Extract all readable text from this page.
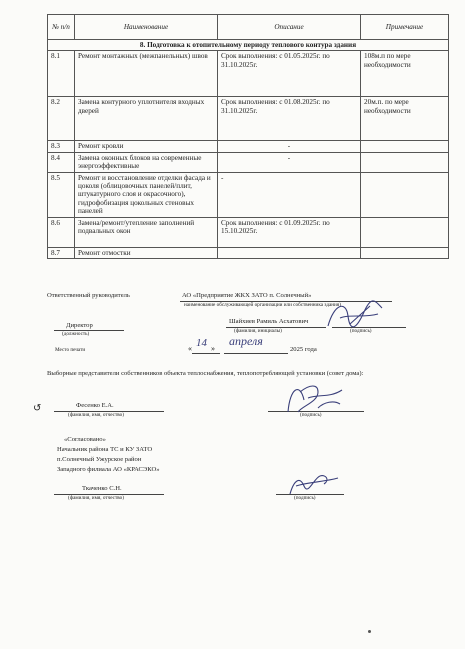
№ п/п	Наименование	Описание	Примечание
8. Подготовка к отопительному периоду теплового контура здания			
8.1	Ремонт монтажных (межпанельных) швов	Срок выполнения: с 01.05.2025г. по 31.10.2025г.	108м.п по мере необходимости
8.2	Замена контурного уплотнителя входных дверей	Срок выполнения: с 01.08.2025г. по 31.10.2025г.	20м.п. по мере необходимости
8.3	Ремонт кровли	-	
8.4	Замена оконных блоков на современные энергоэффективные	-	
8.5	Ремонт и восстановление отделки фасада и цоколя (облицовочных панелей/плит, штукатурного слоя и окрасочного), гидрофобизация цокольных стеновых панелей	-	
8.6	Замена/ремонт/утепление заполнений подвальных окон	Срок выполнения: с 01.09.2025г. по 15.10.2025г.	
8.7	Ремонт отмостки		
Ответственный руководитель	АО «Предприятие ЖКХ ЗАТО п. Солнечный»
наименование обслуживающей организации или собственника здания)
Директор
(должность)
Шайхиев Рамиль Асхатович
(фамилия, инициалы)	(подпись)
Место печати	« 14 »
апреля
2025 года
Выборные представители собственников объекта теплоснабжения, теплопотребляющей установки (совет дома):
↺	Фесенко Е.А.
(фамилия, имя, отчество)	(подпись)
«Согласовано»
Начальник района ТС и КУ ЗАТО
п.Солнечный Ужурское район
Западного филиала АО «КРАСЭКО»
Ткаченко С.Н.
(фамилия, имя, отчество)	(подпись)
